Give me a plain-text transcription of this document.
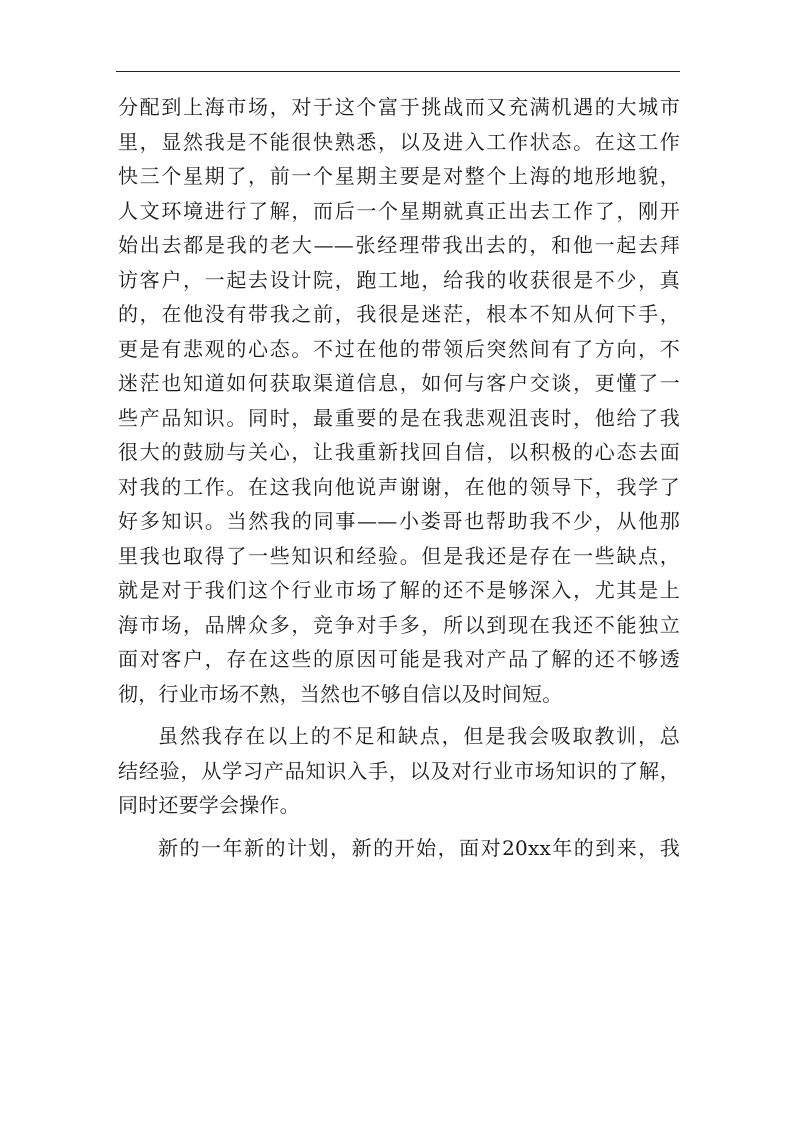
分配到上海市场，对于这个富于挑战而又充满机遇的大城市
里，显然我是不能很快熟悉，以及进入工作状态。在这工作
快三个星期了，前一个星期主要是对整个上海的地形地貌，
人文环境进行了解，而后一个星期就真正出去工作了，刚开
始出去都是我的老大——张经理带我出去的，和他一起去拜
访客户，一起去设计院，跑工地，给我的收获很是不少，真
的，在他没有带我之前，我很是迷茫，根本不知从何下手，
更是有悲观的心态。不过在他的带领后突然间有了方向，不
迷茫也知道如何获取渠道信息，如何与客户交谈，更懂了一
些产品知识。同时，最重要的是在我悲观沮丧时，他给了我
很大的鼓励与关心，让我重新找回自信，以积极的心态去面
对我的工作。在这我向他说声谢谢，在他的领导下，我学了
好多知识。当然我的同事——小娄哥也帮助我不少，从他那
里我也取得了一些知识和经验。但是我还是存在一些缺点，
就是对于我们这个行业市场了解的还不是够深入，尤其是上
海市场，品牌众多，竞争对手多，所以到现在我还不能独立
面对客户，存在这些的原因可能是我对产品了解的还不够透
彻，行业市场不熟，当然也不够自信以及时间短。
虽然我存在以上的不足和缺点，但是我会吸取教训，总
结经验，从学习产品知识入手，以及对行业市场知识的了解，
同时还要学会操作。
新的一年新的计划，新的开始，面对20xx年的到来，我
